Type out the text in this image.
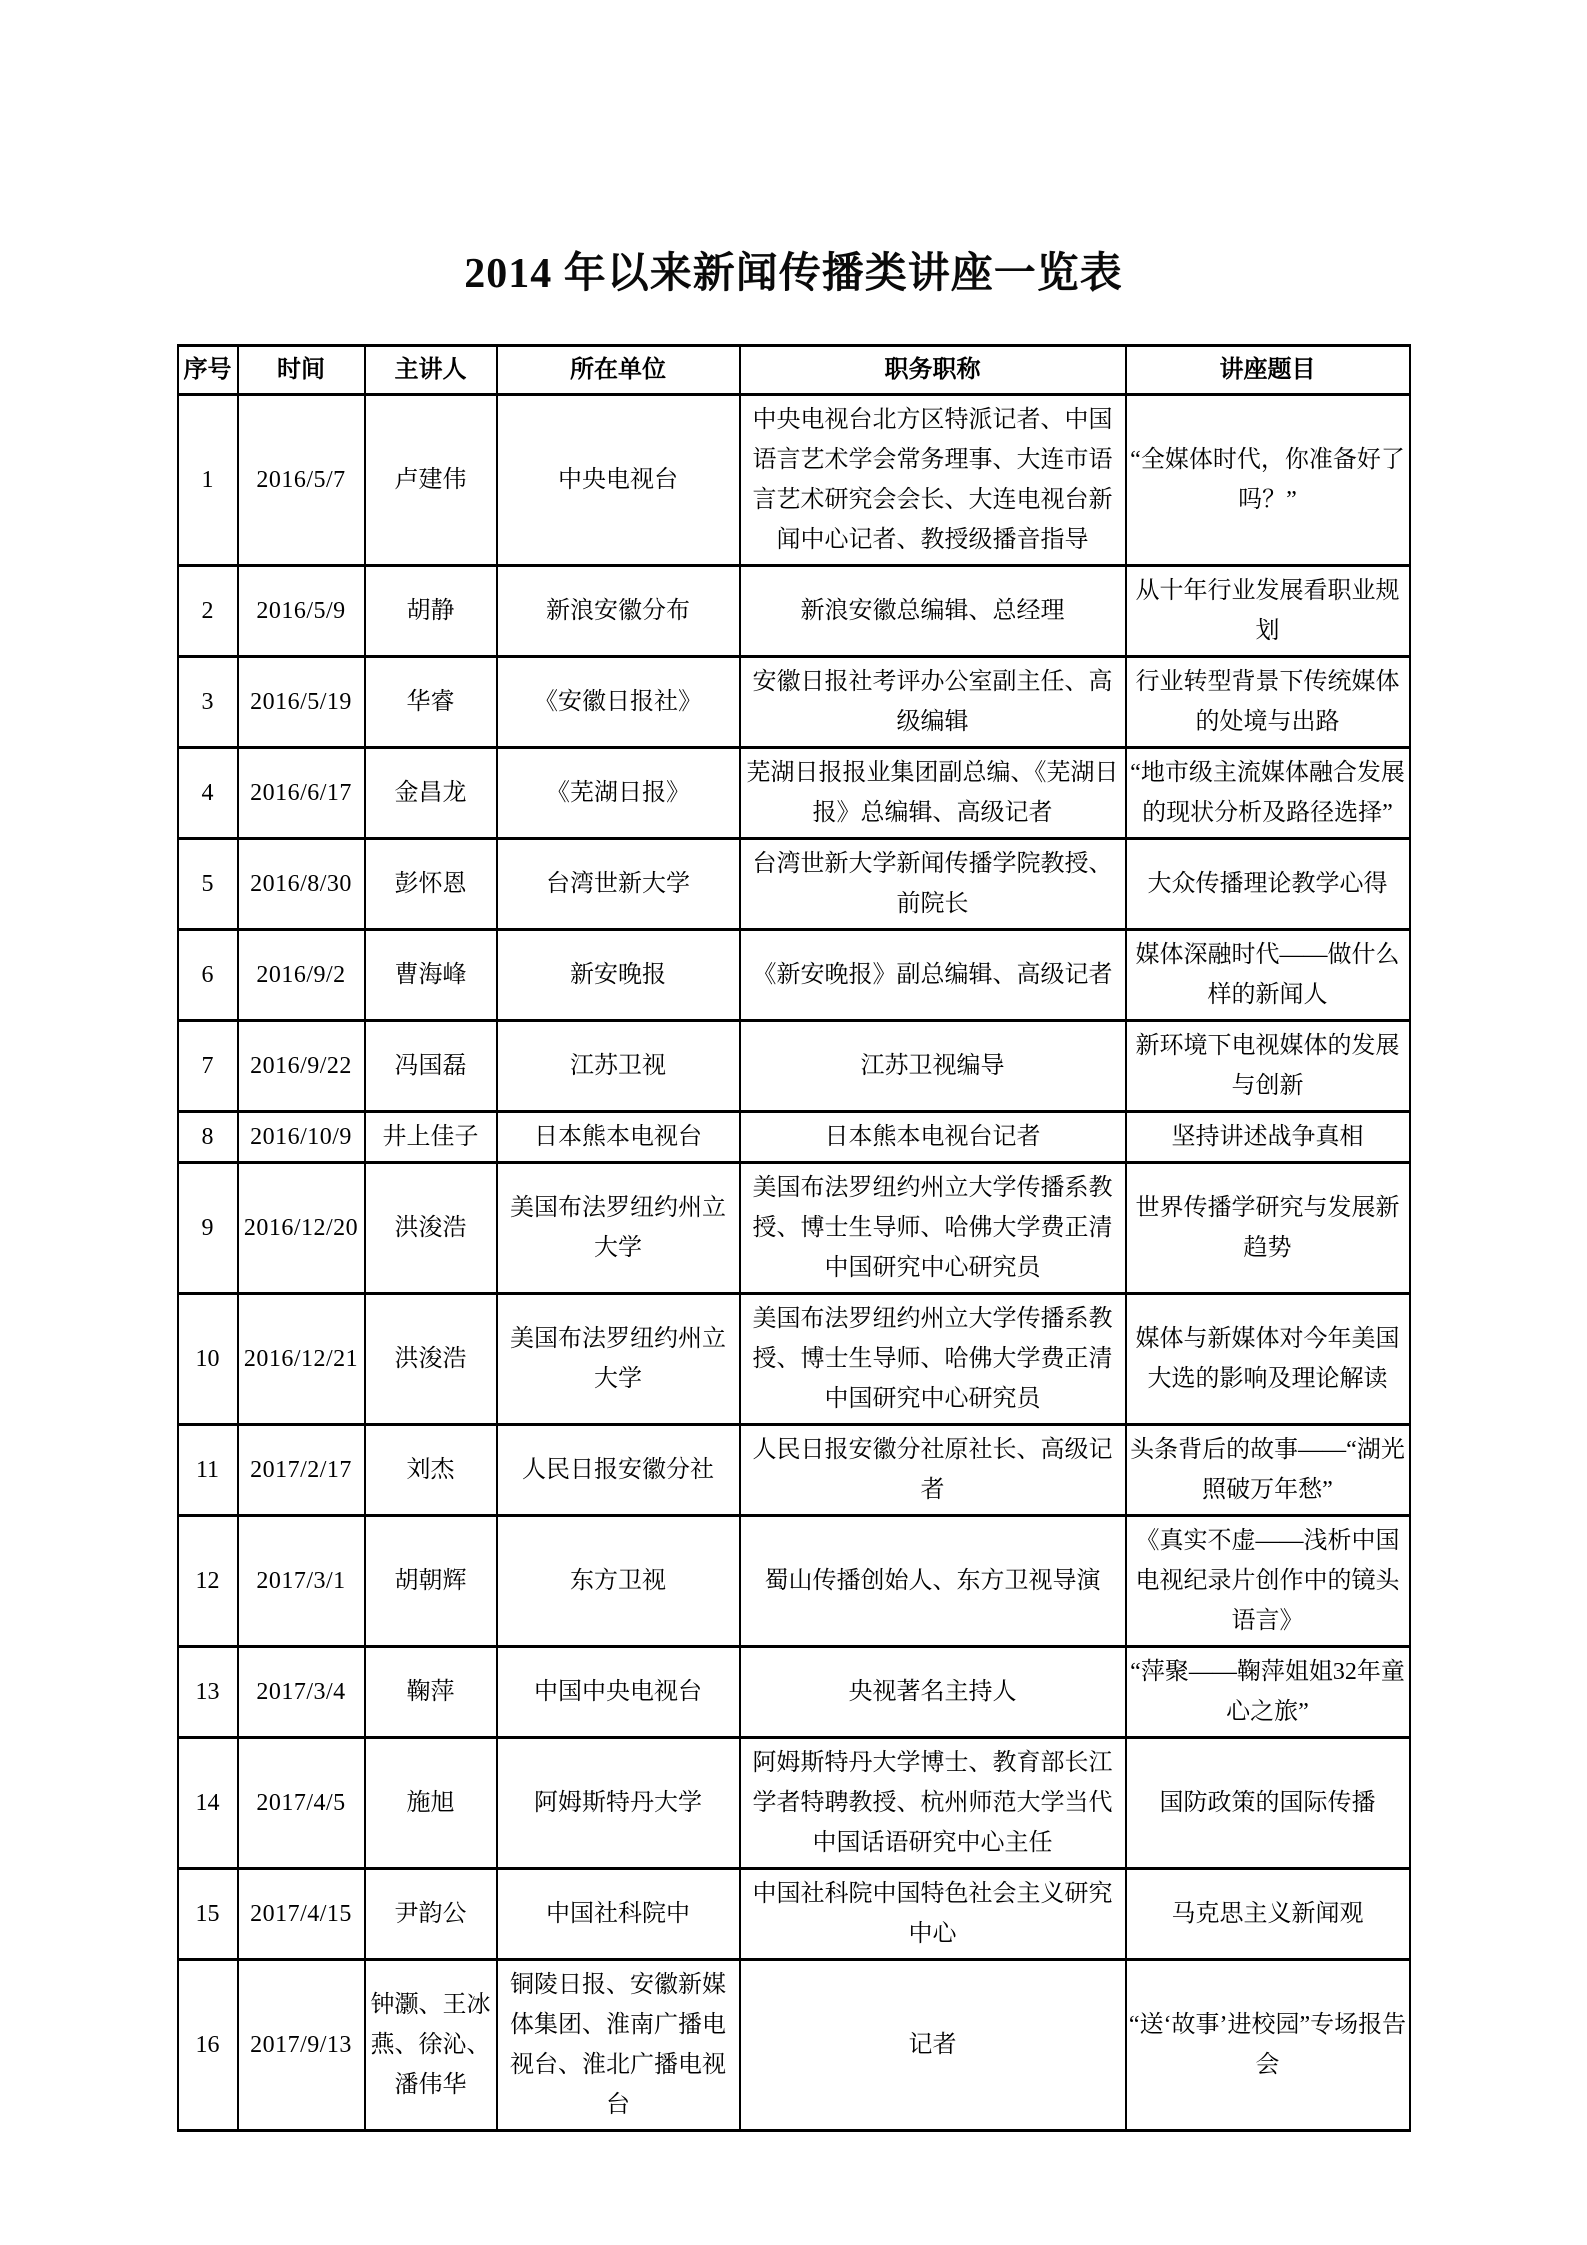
2014 年以来新闻传播类讲座一览表
序号	时间	主讲人	所在单位	职务职称	讲座题目
1	2016/5/7	卢建伟	中央电视台	中央电视台北方区特派记者、中国语言艺术学会常务理事、大连市语言艺术研究会会长、大连电视台新闻中心记者、教授级播音指导	“全媒体时代，你准备好了吗？”
2	2016/5/9	胡静	新浪安徽分布	新浪安徽总编辑、总经理	从十年行业发展看职业规划
3	2016/5/19	华睿	《安徽日报社》	安徽日报社考评办公室副主任、高级编辑	行业转型背景下传统媒体的处境与出路
4	2016/6/17	金昌龙	《芜湖日报》	芜湖日报报业集团副总编、《芜湖日报》总编辑、高级记者	“地市级主流媒体融合发展的现状分析及路径选择”
5	2016/8/30	彭怀恩	台湾世新大学	台湾世新大学新闻传播学院教授、前院长	大众传播理论教学心得
6	2016/9/2	曹海峰	新安晚报	《新安晚报》副总编辑、高级记者	媒体深融时代——做什么样的新闻人
7	2016/9/22	冯国磊	江苏卫视	江苏卫视编导	新环境下电视媒体的发展与创新
8	2016/10/9	井上佳子	日本熊本电视台	日本熊本电视台记者	坚持讲述战争真相
9	2016/12/20	洪浚浩	美国布法罗纽约州立大学	美国布法罗纽约州立大学传播系教授、博士生导师、哈佛大学费正清中国研究中心研究员	世界传播学研究与发展新趋势
10	2016/12/21	洪浚浩	美国布法罗纽约州立大学	美国布法罗纽约州立大学传播系教授、博士生导师、哈佛大学费正清中国研究中心研究员	媒体与新媒体对今年美国大选的影响及理论解读
11	2017/2/17	刘杰	人民日报安徽分社	人民日报安徽分社原社长、高级记者	头条背后的故事——“湖光照破万年愁”
12	2017/3/1	胡朝辉	东方卫视	蜀山传播创始人、东方卫视导演	《真实不虚——浅析中国电视纪录片创作中的镜头语言》
13	2017/3/4	鞠萍	中国中央电视台	央视著名主持人	“萍聚——鞠萍姐姐32年童心之旅”
14	2017/4/5	施旭	阿姆斯特丹大学	阿姆斯特丹大学博士、教育部长江学者特聘教授、杭州师范大学当代中国话语研究中心主任	国防政策的国际传播
15	2017/4/15	尹韵公	中国社科院中	中国社科院中国特色社会主义研究中心	马克思主义新闻观
16	2017/9/13	钟灏、王冰燕、徐沁、潘伟华	铜陵日报、安徽新媒体集团、淮南广播电视台、淮北广播电视台	记者	“送‘故事’进校园”专场报告会
